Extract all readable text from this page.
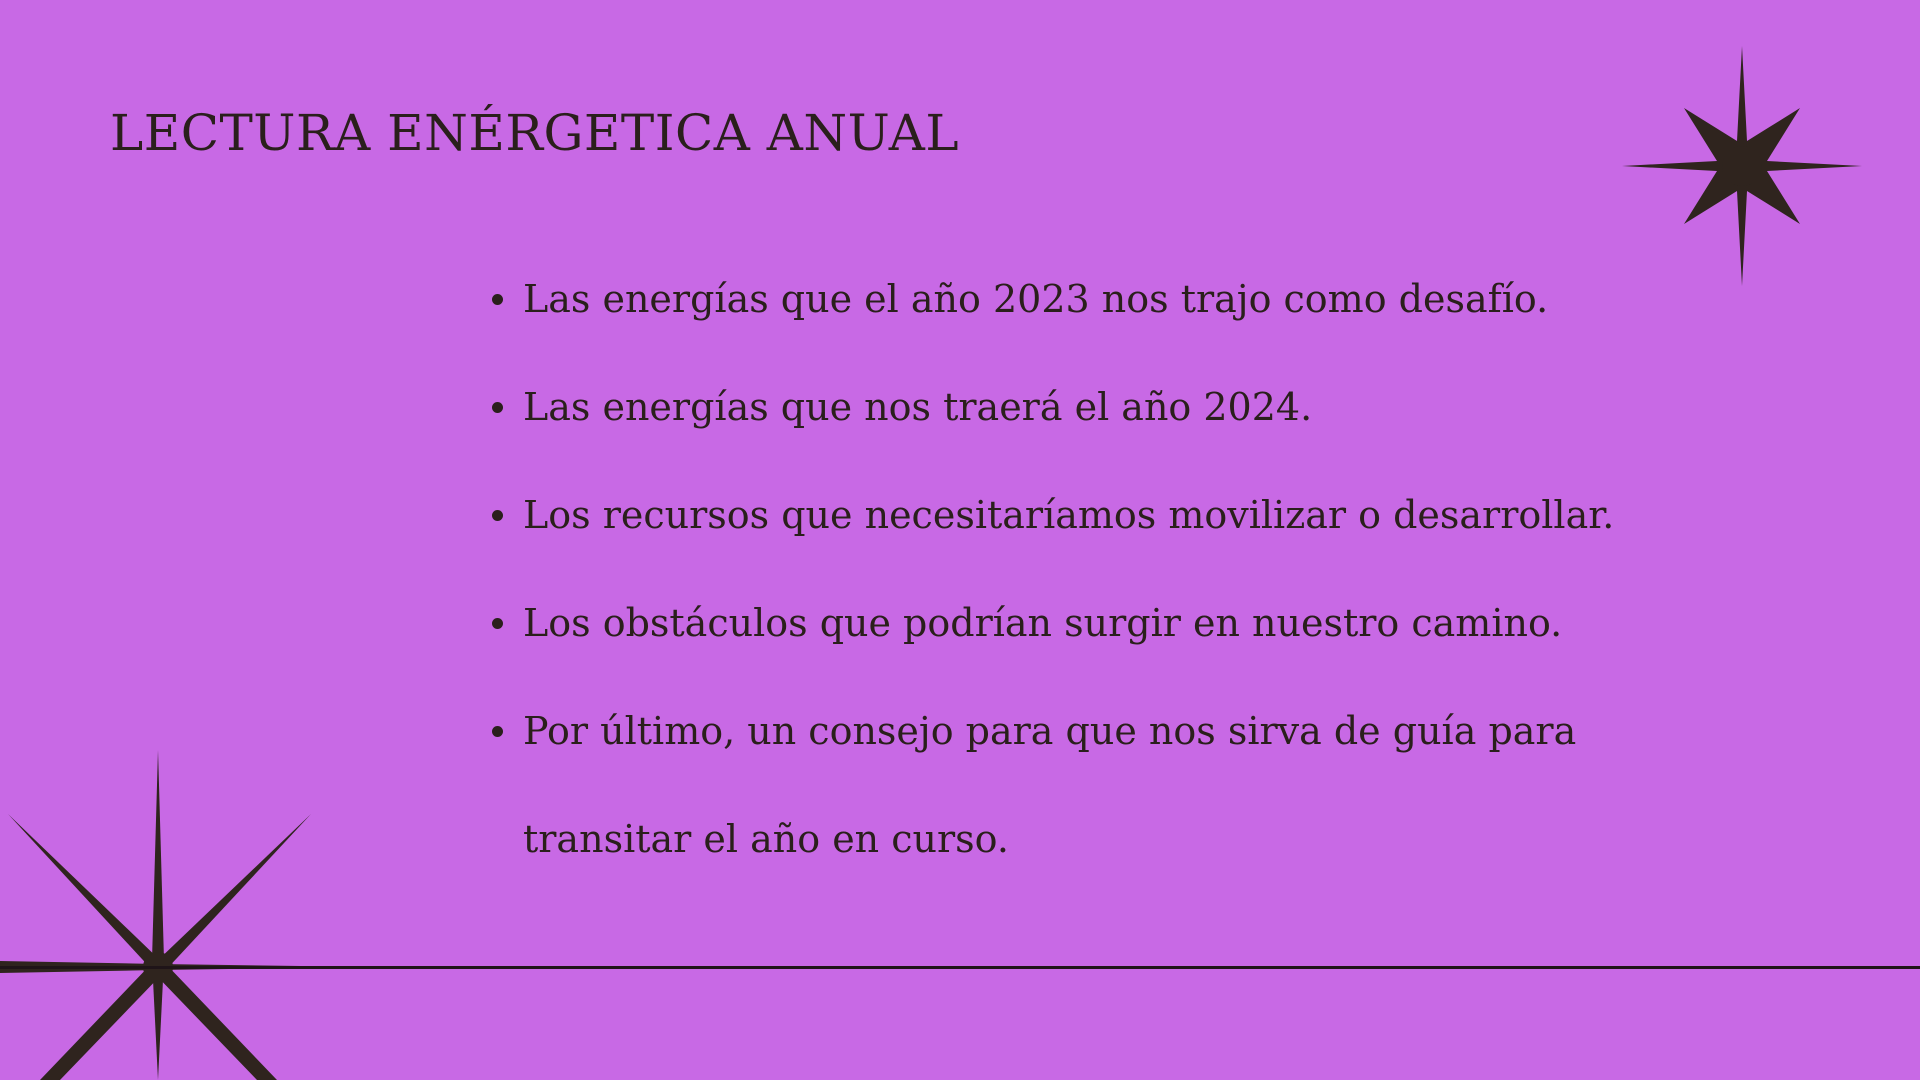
LECTURA ENÉRGETICA ANUAL
Las energías que el año 2023 nos trajo como desafío.
Las energías que nos traerá el año 2024.
Los recursos que necesitaríamos movilizar o desarrollar.
Los obstáculos que podrían surgir en nuestro camino.
Por último, un consejo para que nos sirva de guía para
transitar el año en curso.
